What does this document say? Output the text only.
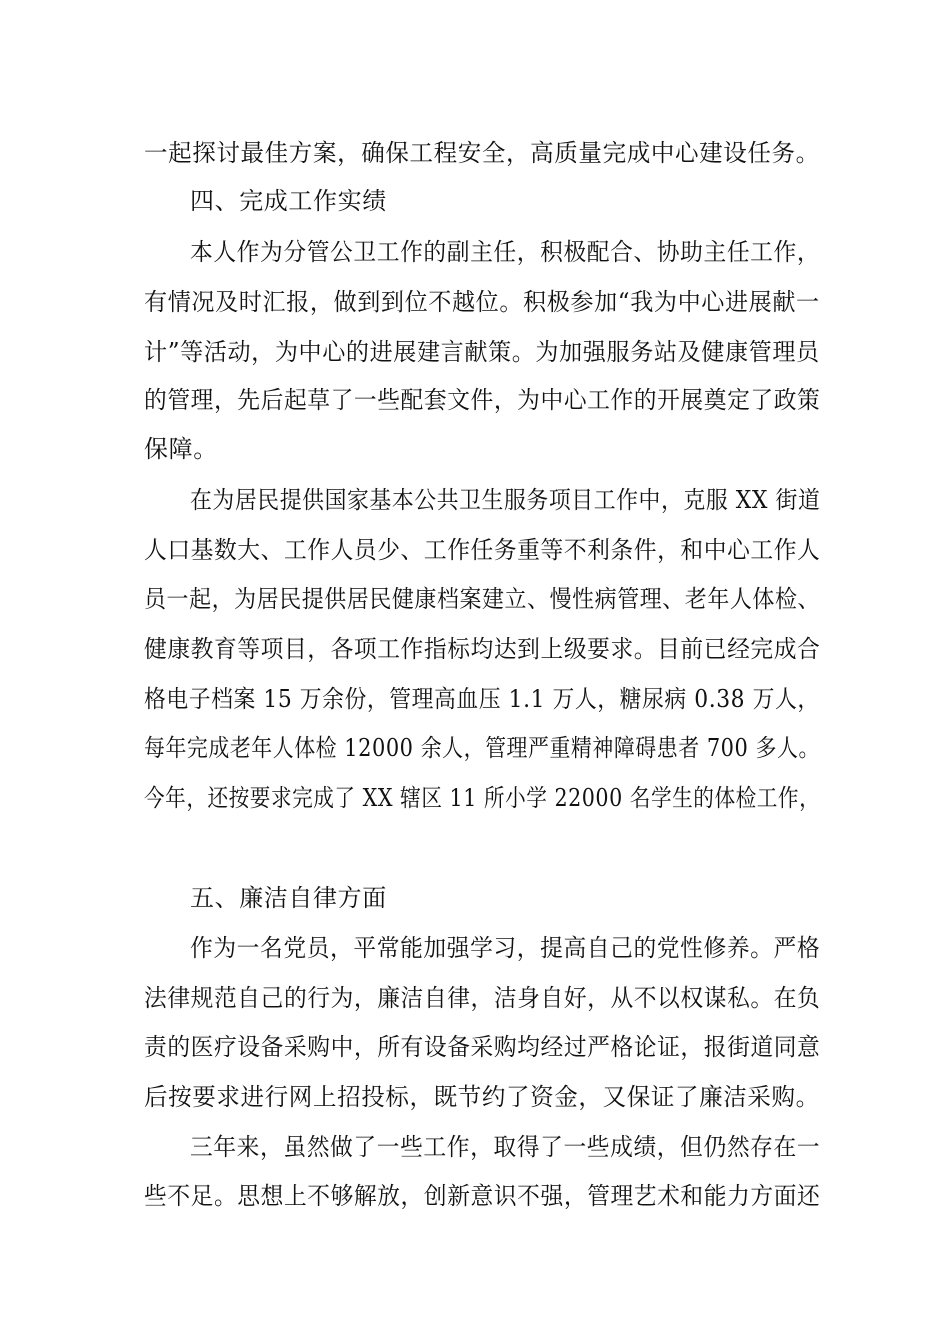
一起探讨最佳方案，确保工程安全，高质量完成中心建设任务。
四、完成工作实绩
本人作为分管公卫工作的副主任，积极配合、协助主任工作，
有情况及时汇报，做到到位不越位。积极参加“我为中心进展献一
计”等活动，为中心的进展建言献策。为加强服务站及健康管理员
的管理，先后起草了一些配套文件，为中心工作的开展奠定了政策
保障。
在为居民提供国家基本公共卫生服务项目工作中，克服 XX 街道
人口基数大、工作人员少、工作任务重等不利条件，和中心工作人
员一起，为居民提供居民健康档案建立、慢性病管理、老年人体检、
健康教育等项目，各项工作指标均达到上级要求。目前已经完成合
格电子档案 15 万余份，管理高血压 1.1 万人，糖尿病 0.38 万人，
每年完成老年人体检 12000 余人，管理严重精神障碍患者 700 多人。
今年，还按要求完成了 XX 辖区 11 所小学 22000 名学生的体检工作，
五、廉洁自律方面
作为一名党员，平常能加强学习，提高自己的党性修养。严格
法律规范自己的行为，廉洁自律，洁身自好，从不以权谋私。在负
责的医疗设备采购中，所有设备采购均经过严格论证，报街道同意
后按要求进行网上招投标，既节约了资金，又保证了廉洁采购。
三年来，虽然做了一些工作，取得了一些成绩，但仍然存在一
些不足。思想上不够解放，创新意识不强，管理艺术和能力方面还
